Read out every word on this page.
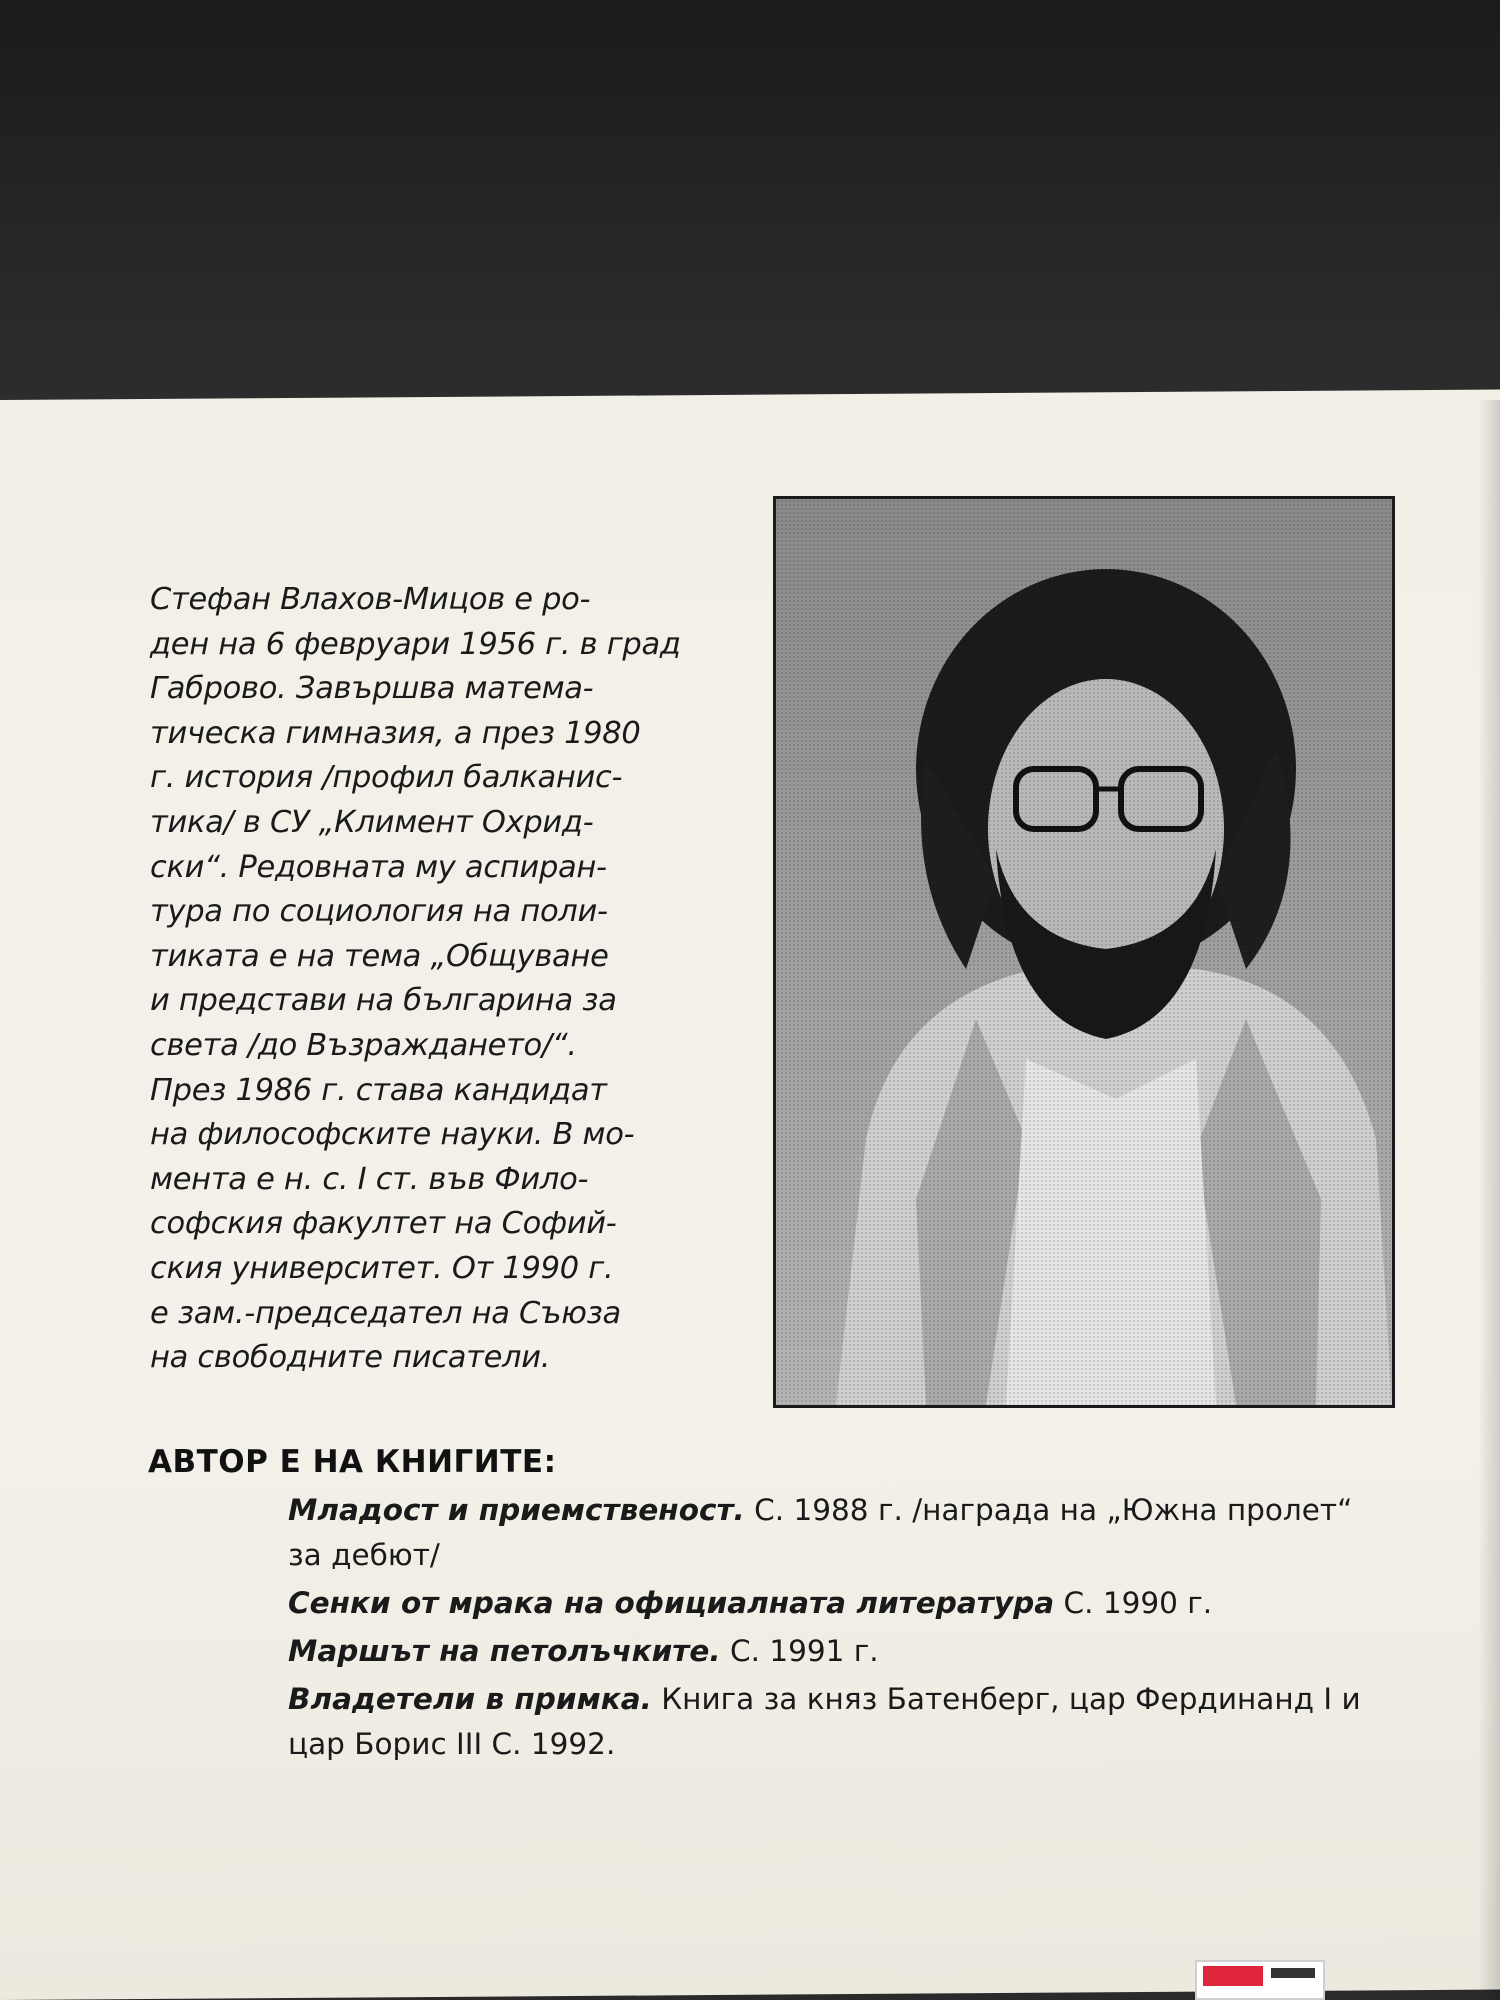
Стефан Влахов-Мицов е ро-
ден на 6 февруари 1956 г. в град
Габрово. Завършва матема-
тическа гимназия, а през 1980
г. история /профил балканис-
тика/ в СУ „Климент Охрид-
ски“. Редовната му аспиран-
тура по социология на поли-
тиката е на тема „Общуване
и представи на българина за
света /до Възраждането/“.
През 1986 г. става кандидат
на философските науки. В мо-
мента е н. с. I ст. във Фило-
софския факултет на Софий-
ския университет. От 1990 г.
е зам.-председател на Съюза
на свободните писатели.
АВТОР Е НА КНИГИТЕ:
Младост и приемственост. С. 1988 г. /награда на „Южна пролет“ за дебют/
Сенки от мрака на официалната литература С. 1990 г.
Маршът на петолъчките. С. 1991 г.
Владетели в примка. Книга за княз Батенберг, цар Фердинанд I и цар Борис III С. 1992.
